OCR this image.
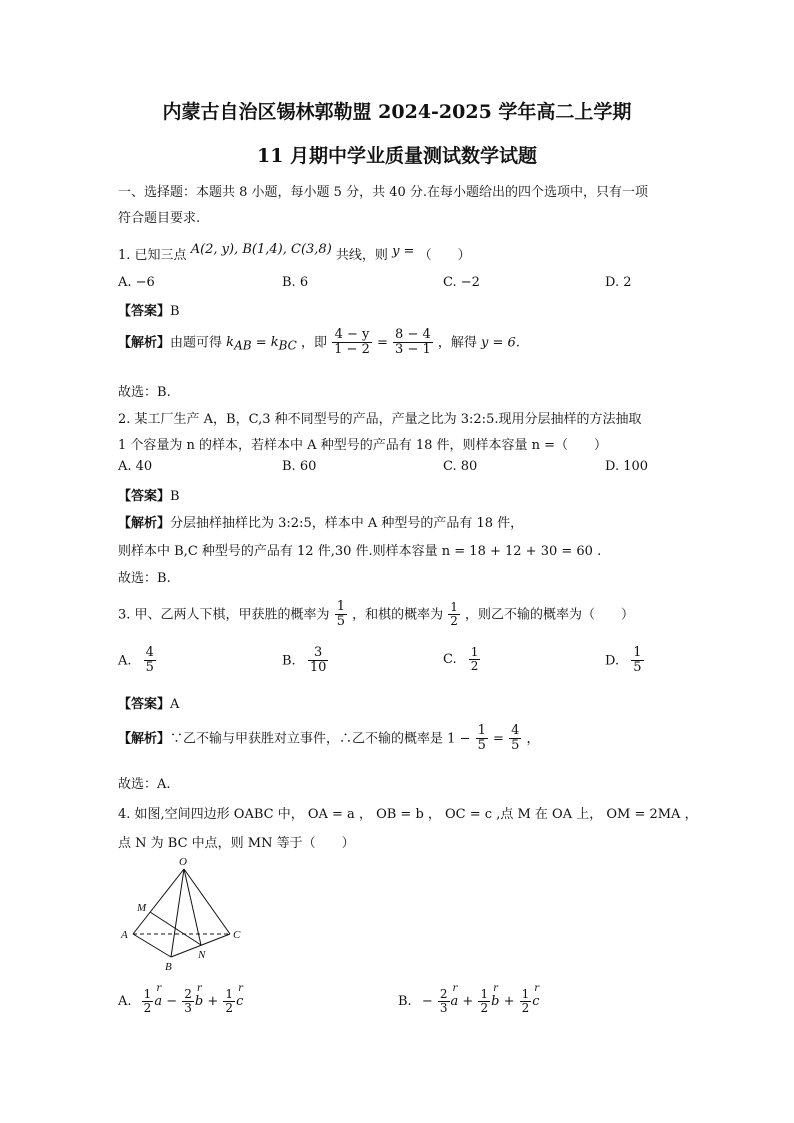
内蒙古自治区锡林郭勒盟 2024-2025 学年高二上学期
11 月期中学业质量测试数学试题
一、选择题：本题共 8 小题，每小题 5 分，共 40 分.在每小题给出的四个选项中，只有一项
符合题目要求.
1. 已知三点 A(2, y), B(1,4), C(3,8) 共线，则 y = （　　）
A. −6	B. 6	C. −2	D. 2
【答案】B
【解析】由题可得 $k_{AB} = k_{BC}$ ，即 $\frac{4 - y}{1 - 2} = \frac{8 - 4}{3 - 1}$ ，解得 y = 6.
故选：B.
2. 某工厂生产 A，B，C,3 种不同型号的产品，产量之比为 3:2:5.现用分层抽样的方法抽取
1 个容量为 n 的样本，若样本中 A 种型号的产品有 18 件，则样本容量 n =（　　）
A. 40	B. 60	C. 80	D. 100
【答案】B
【解析】分层抽样抽样比为 3:2:5，样本中 A 种型号的产品有 18 件，
则样本中 B,C 种型号的产品有 12 件,30 件.则样本容量 n = 18 + 12 + 30 = 60 .
故选：B.
3. 甲、乙两人下棋，甲获胜的概率为 $\frac{1}{5}$ ，和棋的概率为 $\frac{1}{2}$ ，则乙不输的概率为（　　）
A. $\frac{4}{5}$	B. $\frac{3}{10}$	C. $\frac{1}{2}$	D. $\frac{1}{5}$
【答案】A
【解析】∵乙不输与甲获胜对立事件，∴乙不输的概率是 $1 - \frac{1}{5} = \frac{4}{5}$ ，
故选：A.
4. 如图,空间四边形 OABC 中， OA = a ， OB = b ， OC = c ,点 M 在 OA 上， OM = 2MA ，
点 N 为 BC 中点，则 MN 等于（　　）
O
M
A
B
N
C
A. $\frac{1}{2}$ r $a - \frac{2}{3}$ r $b + \frac{1}{2}$ r c	B. − $\frac{2}{3}$ r $a + \frac{1}{2}$ r $b + \frac{1}{2}$ r c
